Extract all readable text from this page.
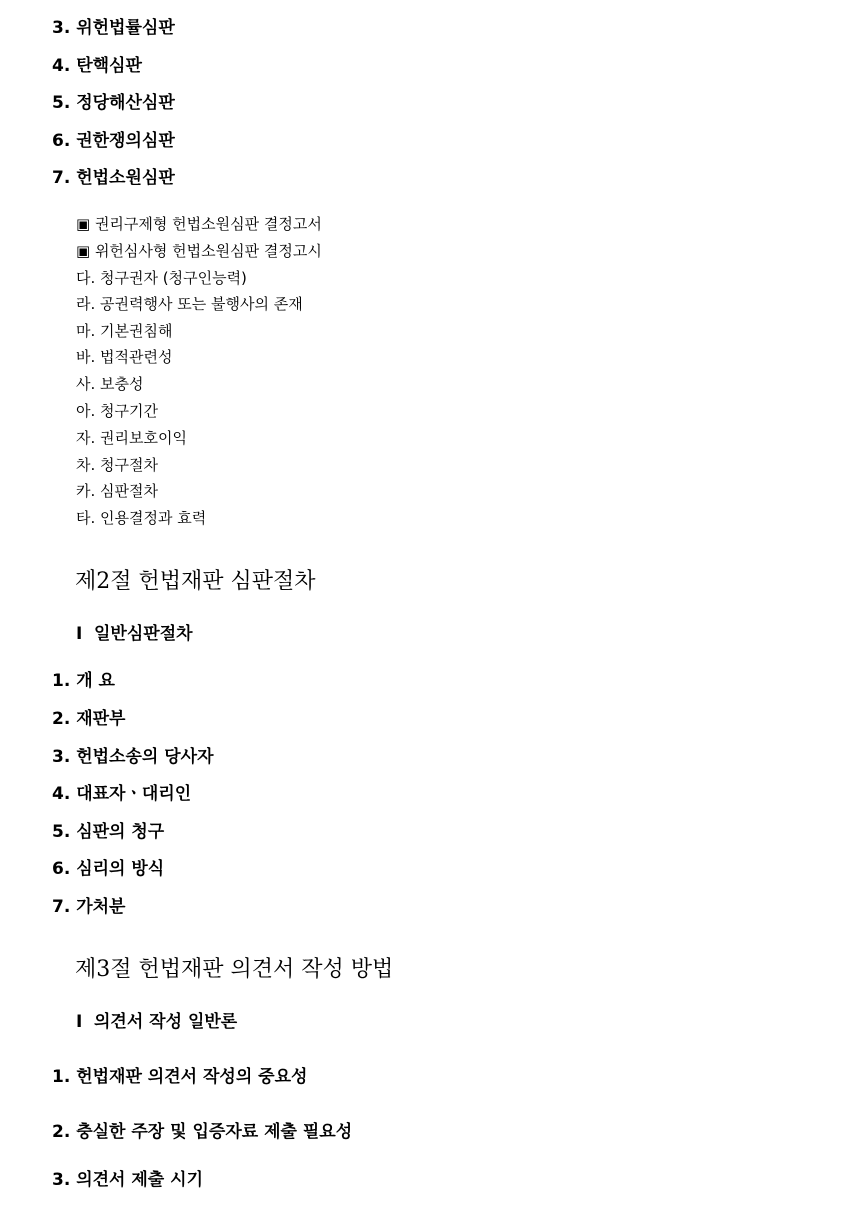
3. 위헌법률심판
4. 탄핵심판
5. 정당해산심판
6. 권한쟁의심판
7. 헌법소원심판
▣ 권리구제형 헌법소원심판 결정고서
▣ 위헌심사형 헌법소원심판 결정고시
다. 청구권자 (청구인능력)
라. 공권력행사 또는 불행사의 존재
마. 기본권침해
바. 법적관련성
사. 보충성
아. 청구기간
자. 권리보호이익
차. 청구절차
카. 심판절차
타. 인용결정과 효력
제2절 헌법재판 심판절차
Ⅰ 일반심판절차
1. 개 요
2. 재판부
3. 헌법소송의 당사자
4. 대표자ㆍ대리인
5. 심판의 청구
6. 심리의 방식
7. 가처분
제3절 헌법재판 의견서 작성 방법
Ⅰ 의견서 작성 일반론
1. 헌법재판 의견서 작성의 중요성
2. 충실한 주장 및 입증자료 제출 필요성
3. 의견서 제출 시기
